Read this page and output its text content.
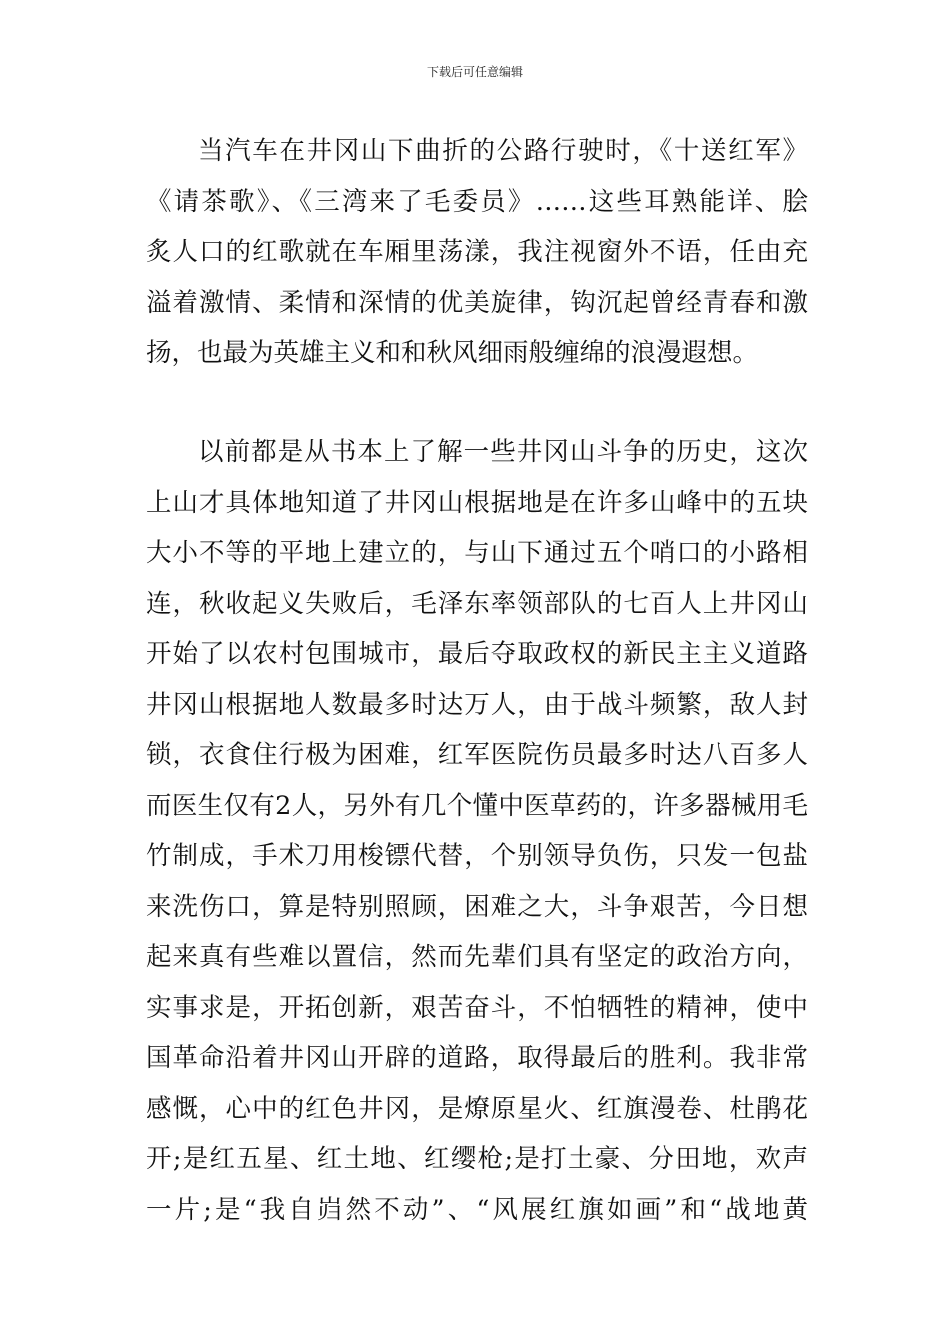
下载后可任意编辑
当汽车在井冈山下曲折的公路行驶时，《十送红军》
《请茶歌》、《三湾来了毛委员》……这些耳熟能详、脍
炙人口的红歌就在车厢里荡漾，我注视窗外不语，任由充
溢着激情、柔情和深情的优美旋律，钩沉起曾经青春和激
扬，也最为英雄主义和和秋风细雨般缠绵的浪漫遐想。
以前都是从书本上了解一些井冈山斗争的历史，这次
上山才具体地知道了井冈山根据地是在许多山峰中的五块
大小不等的平地上建立的，与山下通过五个哨口的小路相
连，秋收起义失败后，毛泽东率领部队的七百人上井冈山
开始了以农村包围城市，最后夺取政权的新民主主义道路
井冈山根据地人数最多时达万人，由于战斗频繁，敌人封
锁，衣食住行极为困难，红军医院伤员最多时达八百多人
而医生仅有2人，另外有几个懂中医草药的，许多器械用毛
竹制成，手术刀用梭镖代替，个别领导负伤，只发一包盐
来洗伤口，算是特别照顾，困难之大，斗争艰苦，今日想
起来真有些难以置信，然而先辈们具有坚定的政治方向，
实事求是，开拓创新，艰苦奋斗，不怕牺牲的精神，使中
国革命沿着井冈山开辟的道路，取得最后的胜利。我非常
感慨，心中的红色井冈，是燎原星火、红旗漫卷、杜鹃花
开;是红五星、红土地、红缨枪;是打土豪、分田地，欢声
一片;是“我自岿然不动”、“风展红旗如画”和“战地黄
